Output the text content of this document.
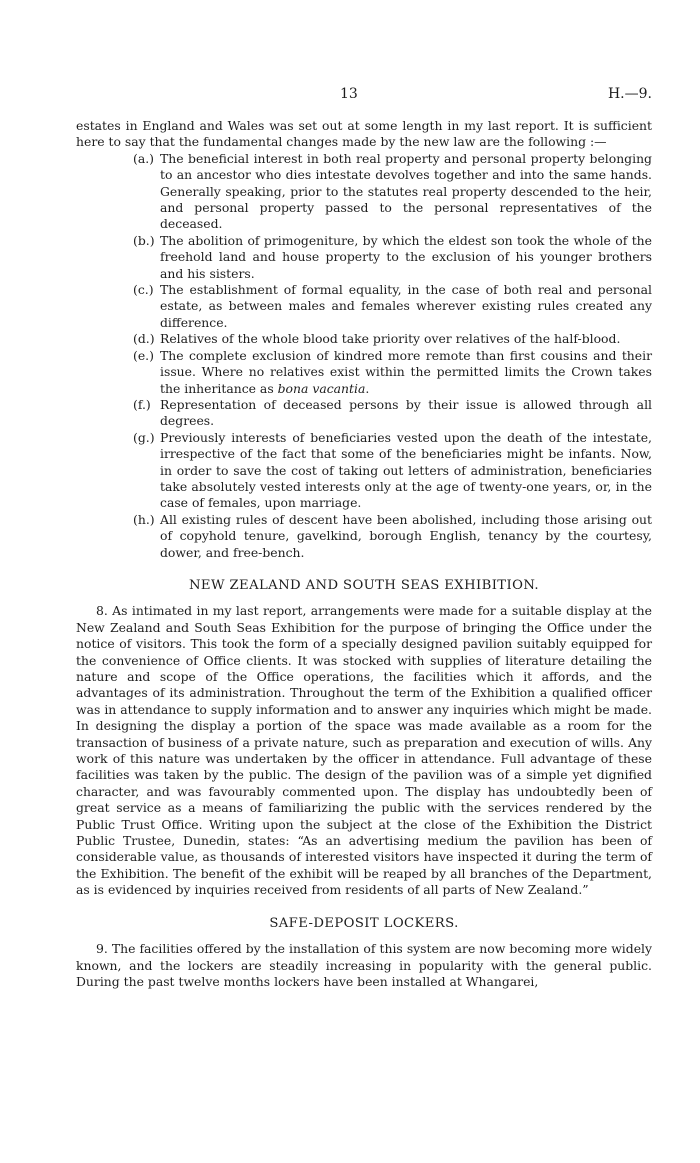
13	H.—9.

estates in England and Wales was set out at some length in my last report. It is sufficient here to say that the fundamental changes made by the new law are the following :—

(a.) The beneficial interest in both real property and personal property belonging to an ancestor who dies intestate devolves together and into the same hands. Generally speaking, prior to the statutes real property descended to the heir, and personal property passed to the personal representatives of the deceased.
(b.) The abolition of primogeniture, by which the eldest son took the whole of the freehold land and house property to the exclusion of his younger brothers and his sisters.
(c.) The establishment of formal equality, in the case of both real and personal estate, as between males and females wherever existing rules created any difference.
(d.) Relatives of the whole blood take priority over relatives of the half-blood.
(e.) The complete exclusion of kindred more remote than first cousins and their issue. Where no relatives exist within the permitted limits the Crown takes the inheritance as bona vacantia.
(f.) Representation of deceased persons by their issue is allowed through all degrees.
(g.) Previously interests of beneficiaries vested upon the death of the intestate, irrespective of the fact that some of the beneficiaries might be infants. Now, in order to save the cost of taking out letters of administration, beneficiaries take absolutely vested interests only at the age of twenty-one years, or, in the case of females, upon marriage.
(h.) All existing rules of descent have been abolished, including those arising out of copyhold tenure, gavelkind, borough English, tenancy by the courtesy, dower, and free-bench.
NEW ZEALAND AND SOUTH SEAS EXHIBITION.

8. As intimated in my last report, arrangements were made for a suitable display at the New Zealand and South Seas Exhibition for the purpose of bringing the Office under the notice of visitors. This took the form of a specially designed pavilion suitably equipped for the convenience of Office clients. It was stocked with supplies of literature detailing the nature and scope of the Office operations, the facilities which it affords, and the advantages of its administration. Throughout the term of the Exhibition a qualified officer was in attendance to supply information and to answer any inquiries which might be made. In designing the display a portion of the space was made available as a room for the transaction of business of a private nature, such as preparation and execution of wills. Any work of this nature was undertaken by the officer in attendance. Full advantage of these facilities was taken by the public. The design of the pavilion was of a simple yet dignified character, and was favourably commented upon. The display has undoubtedly been of great service as a means of familiarizing the public with the services rendered by the Public Trust Office. Writing upon the subject at the close of the Exhibition the District Public Trustee, Dunedin, states: “As an advertising medium the pavilion has been of considerable value, as thousands of interested visitors have inspected it during the term of the Exhibition. The benefit of the exhibit will be reaped by all branches of the Department, as is evidenced by inquiries received from residents of all parts of New Zealand.”

SAFE-DEPOSIT LOCKERS.

9. The facilities offered by the installation of this system are now becoming more widely known, and the lockers are steadily increasing in popularity with the general public. During the past twelve months lockers have been installed at Whangarei,
